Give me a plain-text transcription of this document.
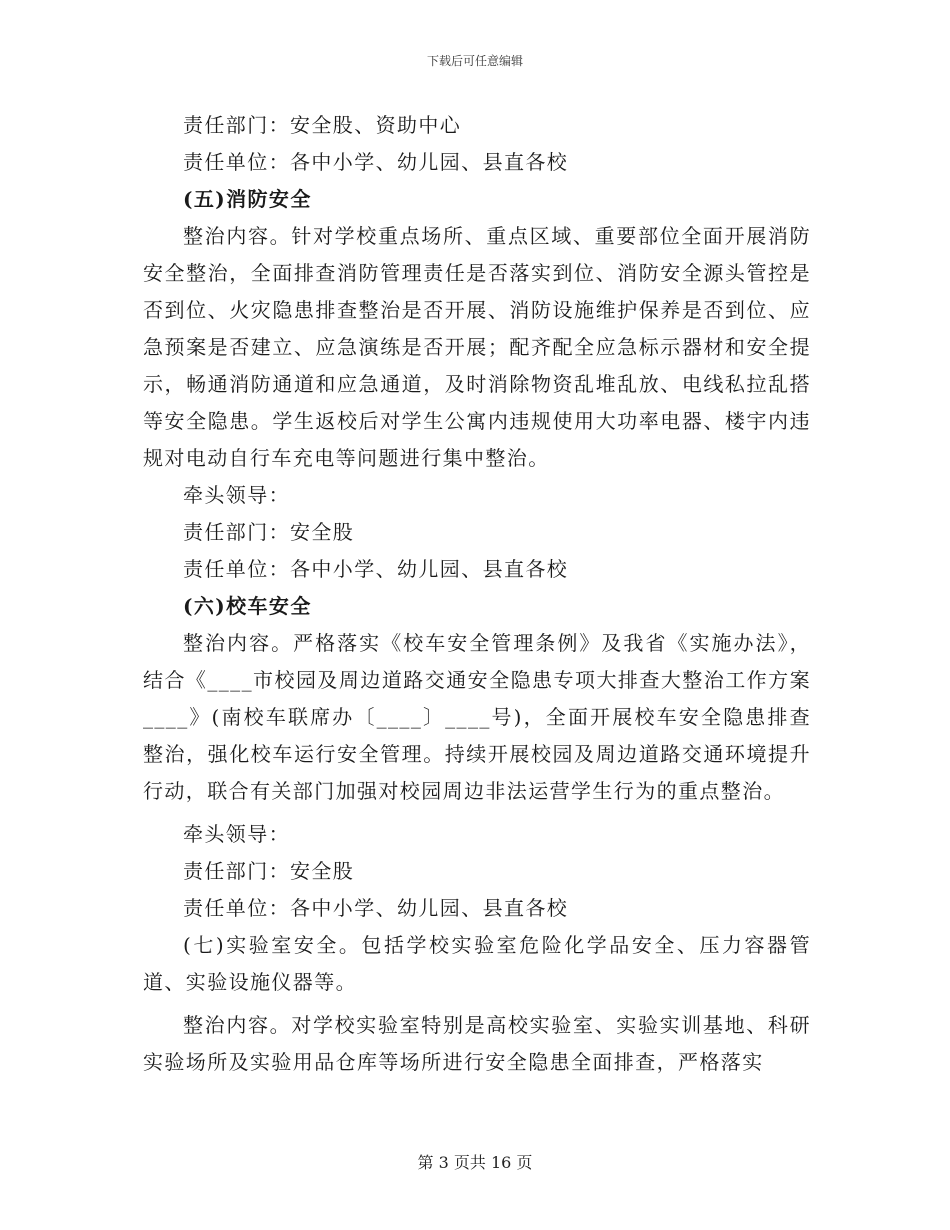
下载后可任意编辑

责任部门：安全股、资助中心

责任单位：各中小学、幼儿园、县直各校

(五)消防安全

整治内容。针对学校重点场所、重点区域、重要部位全面开展消防安全整治，全面排查消防管理责任是否落实到位、消防安全源头管控是否到位、火灾隐患排查整治是否开展、消防设施维护保养是否到位、应急预案是否建立、应急演练是否开展；配齐配全应急标示器材和安全提示，畅通消防通道和应急通道，及时消除物资乱堆乱放、电线私拉乱搭等安全隐患。学生返校后对学生公寓内违规使用大功率电器、楼宇内违规对电动自行车充电等问题进行集中整治。

牵头领导：

责任部门：安全股

责任单位：各中小学、幼儿园、县直各校

(六)校车安全

整治内容。严格落实《校车安全管理条例》及我省《实施办法》，结合《____市校园及周边道路交通安全隐患专项大排查大整治工作方案____》(南校车联席办〔____〕____号)，全面开展校车安全隐患排查整治，强化校车运行安全管理。持续开展校园及周边道路交通环境提升行动，联合有关部门加强对校园周边非法运营学生行为的重点整治。

牵头领导：

责任部门：安全股

责任单位：各中小学、幼儿园、县直各校

(七)实验室安全。包括学校实验室危险化学品安全、压力容器管道、实验设施仪器等。

整治内容。对学校实验室特别是高校实验室、实验实训基地、科研实验场所及实验用品仓库等场所进行安全隐患全面排查，严格落实

第 3 页共 16 页
